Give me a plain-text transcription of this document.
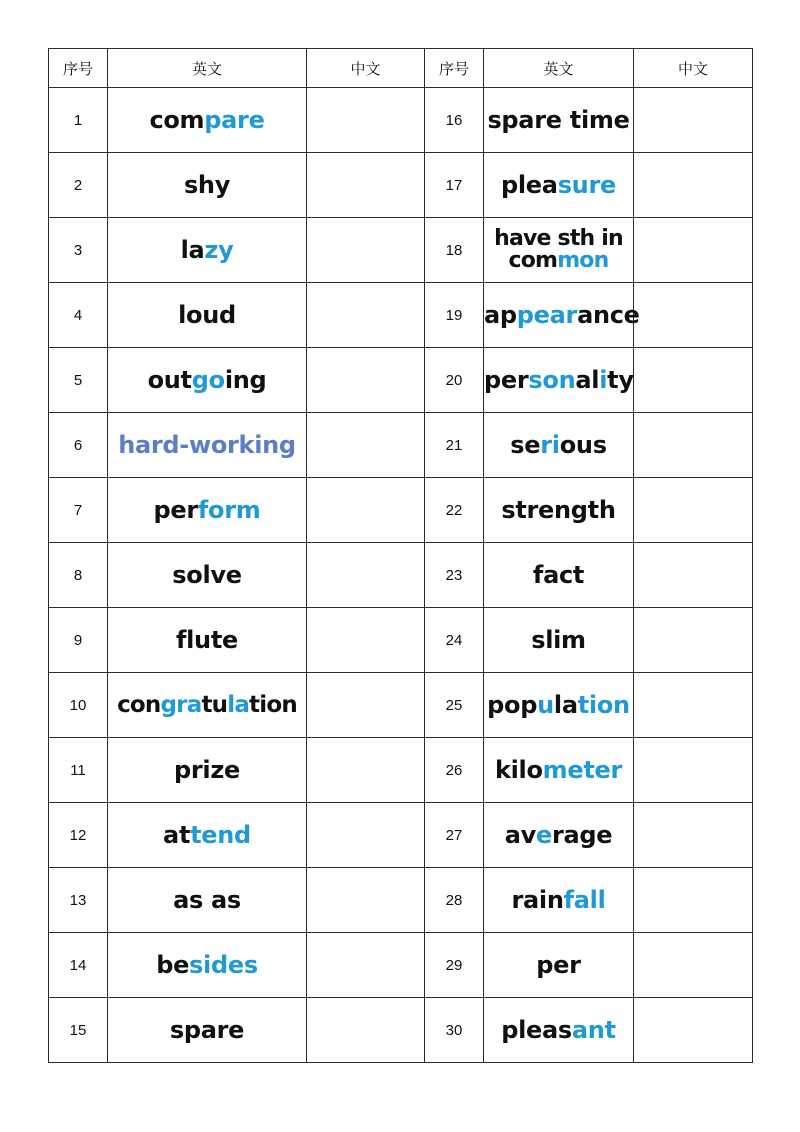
序号	英文	中文	序号	英文	中文
1	compare		16	spare time	
2	shy		17	pleasure	
3	lazy		18	have sth in
common	
4	loud		19	appearance	
5	outgoing		20	personality	
6	hard-working		21	serious	
7	perform		22	strength	
8	solve		23	fact	
9	flute		24	slim	
10	congratulation		25	population	
11	prize		26	kilometer	
12	attend		27	average	
13	as as		28	rainfall	
14	besides		29	per	
15	spare		30	pleasant	
